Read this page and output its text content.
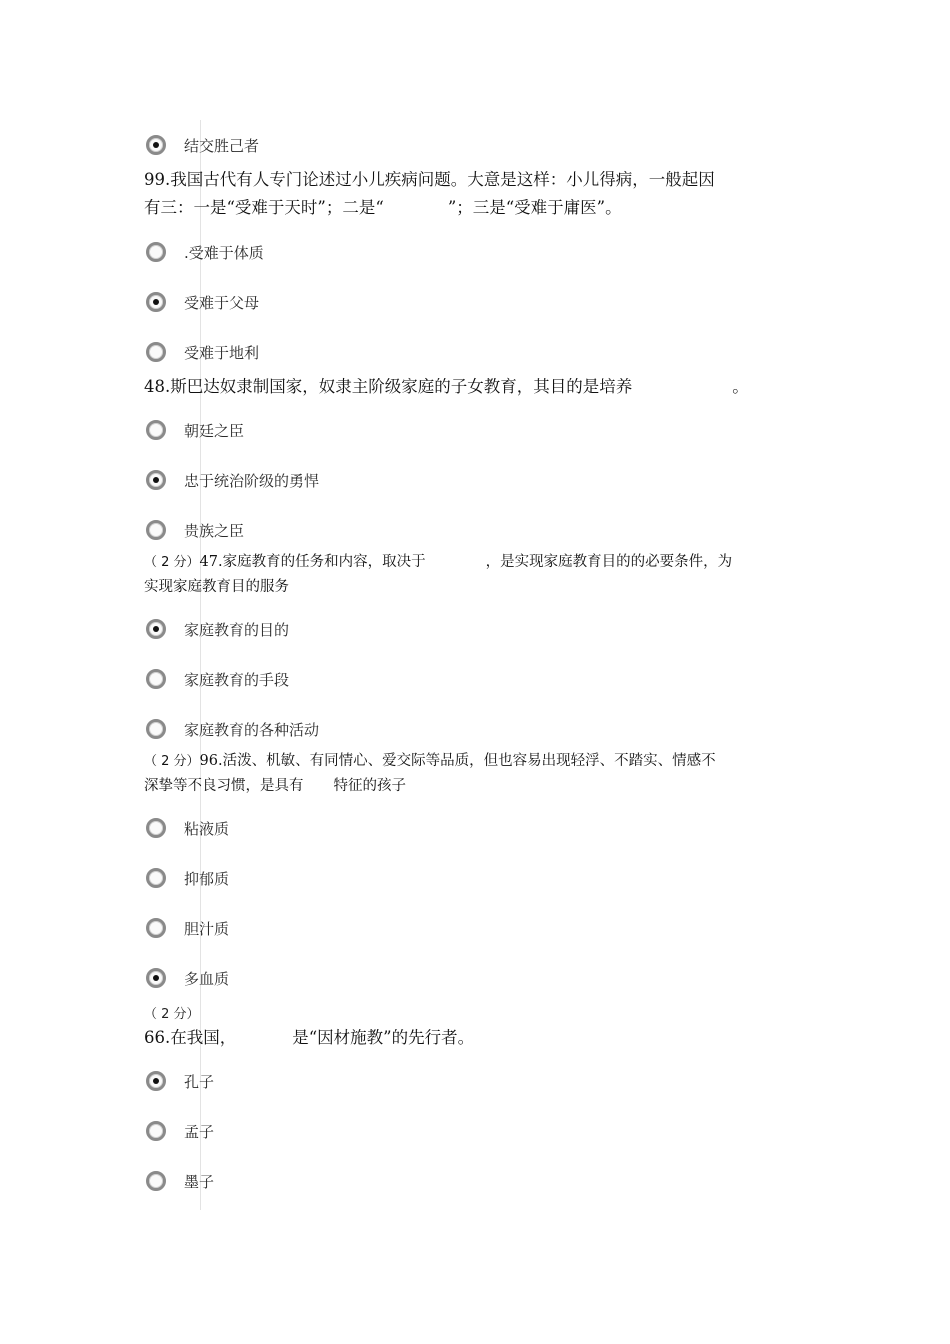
结交胜己者
99.我国古代有人专门论述过小儿疾病问题。大意是这样：小儿得病，一般起因
有三：一是“受难于天时”；二是“	”；三是“受难于庸医”。
.受难于体质
受难于父母
受难于地利
48.斯巴达奴隶制国家，奴隶主阶级家庭的子女教育，其目的是培养	。
朝廷之臣
忠于统治阶级的勇悍
贵族之臣
（ 2 分）47.家庭教育的任务和内容，取决于	，是实现家庭教育目的的必要条件，为
实现家庭教育目的服务
家庭教育的目的
家庭教育的手段
家庭教育的各种活动
（ 2 分）96.活泼、机敏、有同情心、爱交际等品质，但也容易出现轻浮、不踏实、情感不
深挚等不良习惯，是具有 特征的孩子
粘液质
抑郁质
胆汁质
多血质
（ 2 分）
66.在我国，	是“因材施教”的先行者。
孔子
孟子
墨子
